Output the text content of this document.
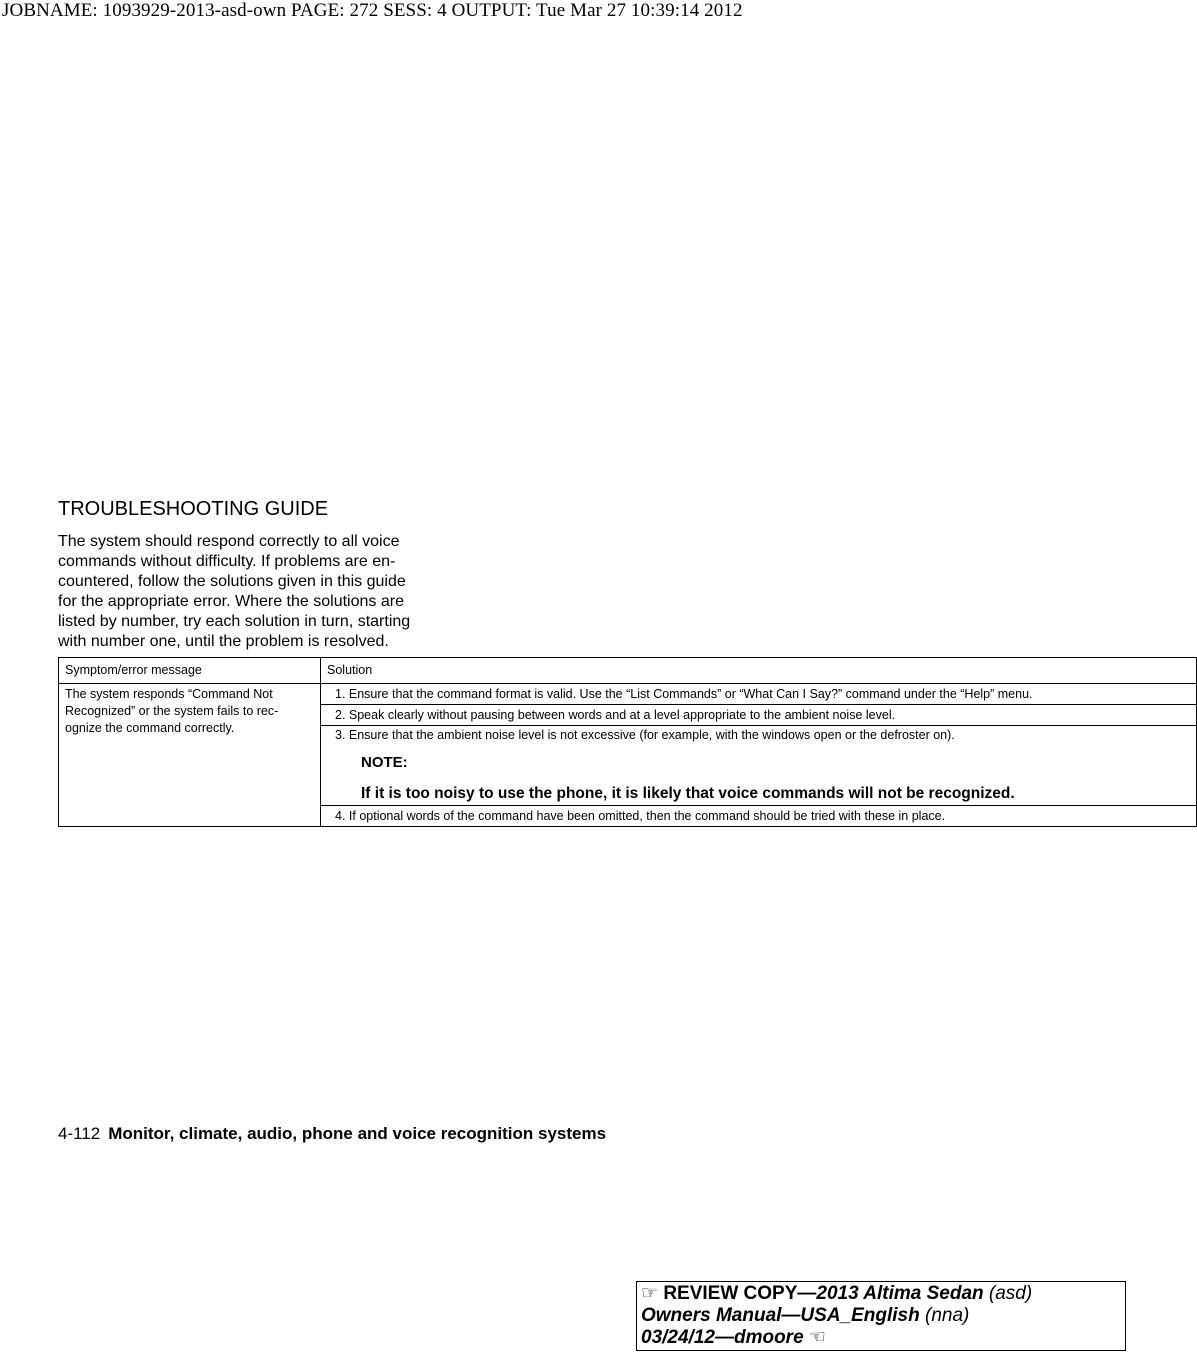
JOBNAME: 1093929-2013-asd-own PAGE: 272 SESS: 4 OUTPUT: Tue Mar 27 10:39:14 2012
TROUBLESHOOTING GUIDE
The system should respond correctly to all voice
commands without difficulty. If problems are en-
countered, follow the solutions given in this guide
for the appropriate error. Where the solutions are
listed by number, try each solution in turn, starting
with number one, until the problem is resolved.
Symptom/error message	Solution

The system responds “Command Not
Recognized” or the system fails to rec-
ognize the command correctly.	1. Ensure that the command format is valid. Use the “List Commands” or “What Can I Say?” command under the “Help” menu.

	2. Speak clearly without pausing between words and at a level appropriate to the ambient noise level.

	3. Ensure that the ambient noise level is not excessive (for example, with the windows open or the defroster on).
NOTE:
If it is too noisy to use the phone, it is likely that voice commands will not be recognized.

	4. If optional words of the command have been omitted, then the command should be tried with these in place.
4-112 Monitor, climate, audio, phone and voice recognition systems
☞ REVIEW COPY—2013 Altima Sedan (asd)
Owners Manual—USA_English (nna)
03/24/12—dmoore ☜
